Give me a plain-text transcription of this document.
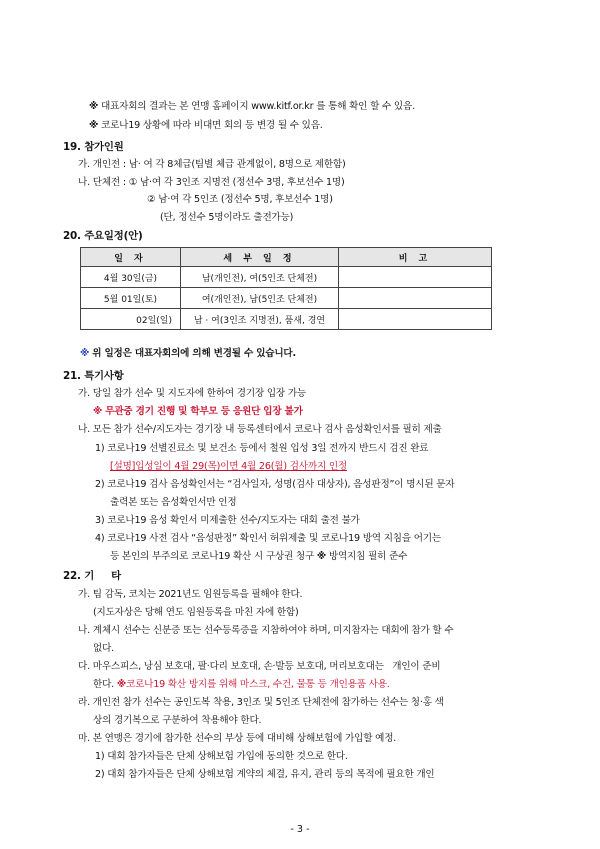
※ 대표자회의 결과는 본 연맹 홈페이지 www.kitf.or.kr 를 통해 확인 할 수 있음.
※ 코로나19 상황에 따라 비대면 회의 등 변경 될 수 있음.
19. 참가인원
가. 개인전 : 남· 여 각 8체급(팀별 체급 관계없이, 8명으로 제한함)
나. 단체전 : ① 남·여 각 3인조 지명전 (정선수 3명, 후보선수 1명)
② 남·여 각 5인조 (정선수 5명, 후보선수 1명)
(단, 정선수 5명이라도 출전가능)
20. 주요일정(안)
일 자	세 부 일 정	비 고
4월 30일(금)	남(개인전), 여(5인조 단체전)	
5월 01일(토)	여(개인전), 남(5인조 단체전)	
02일(일)	남 · 여(3인조 지명전), 품새, 경연	
※ 위 일정은 대표자회의에 의해 변경될 수 있습니다.
21. 특기사항
가. 당일 참가 선수 및 지도자에 한하여 경기장 입장 가능
※ 무관중 경기 진행 및 학부모 등 응원단 입장 불가
나. 모든 참가 선수/지도자는 경기장 내 등록센터에서 코로나 검사 음성확인서를 필히 제출
1) 코로나19 선별진료소 및 보건소 등에서 철원 입성 3일 전까지 반드시 검진 완료
[설명]입성일이 4월 29(목)이면 4월 26(월) 검사까지 인정
2) 코로나19 검사 음성확인서는 “검사일자, 성명(검사 대상자), 음성판정”이 명시된 문자
출력본 또는 음성확인서만 인정
3) 코로나19 음성 확인서 미제출한 선수/지도자는 대회 출전 불가
4) 코로나19 사전 검사 “음성판정” 확인서 허위제출 및 코로나19 방역 지침을 어기는
등 본인의 부주의로 코로나19 확산 시 구상권 청구 ※ 방역지침 필히 준수
22. 기     타
가. 팀 감독, 코치는 2021년도 임원등록을 필해야 한다.
(지도자상은 당해 연도 임원등록을 마친 자에 한함)
나. 계체시 선수는 신분증 또는 선수등록증을 지참하여야 하며, 미지참자는 대회에 참가 할 수
없다.
다. 마우스피스, 낭심 보호대, 팔·다리 보호대, 손·발등 보호대, 머리보호대는   개인이 준비
한다. ※코로나19 확산 방지를 위해 마스크, 수건, 물통 등 개인용품 사용.
라. 개인전 참가 선수는 공인도복 착용, 3인조 및 5인조 단체전에 참가하는 선수는 청·홍 색
상의 경기복으로 구분하여 착용해야 한다.
마. 본 연맹은 경기에 참가한 선수의 부상 등에 대비해 상해보험에 가입할 예정.
1) 대회 참가자들은 단체 상해보험 가입에 동의한 것으로 한다.
2) 대회 참가자들은 단체 상해보험 계약의 체결, 유지, 관리 등의 목적에 필요한 개인
- 3 -
